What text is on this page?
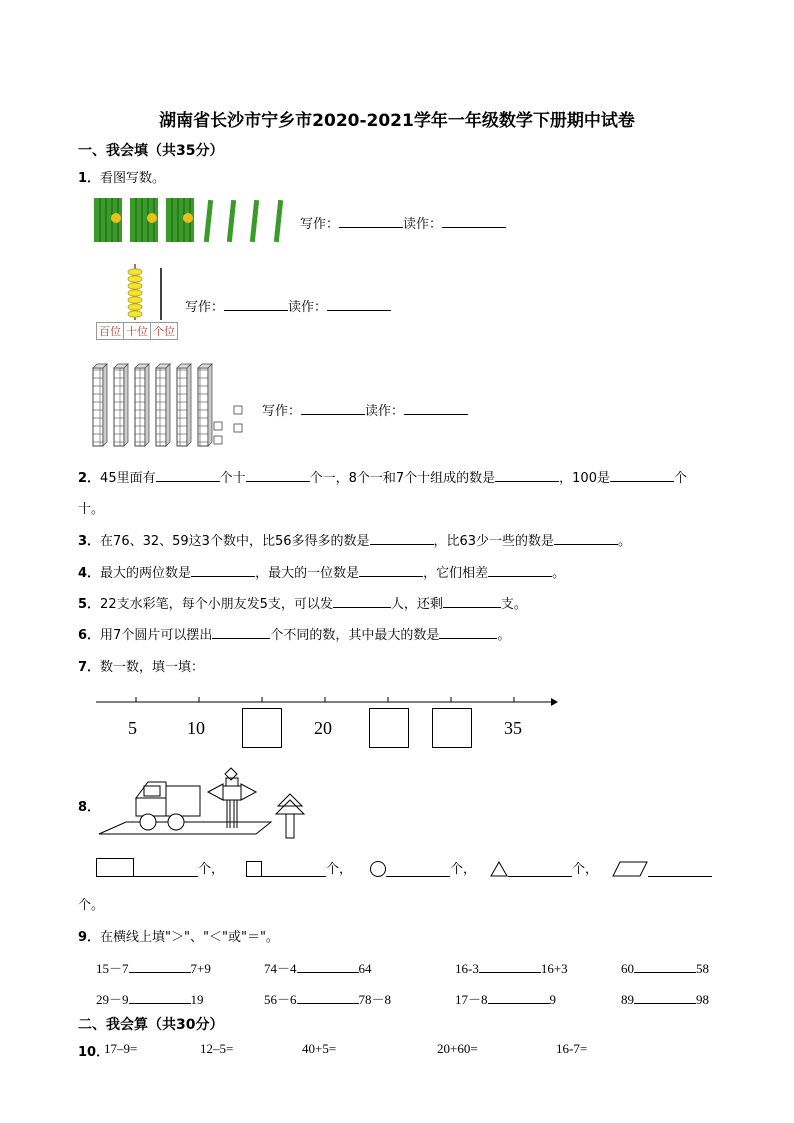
湖南省长沙市宁乡市2020-2021学年一年级数学下册期中试卷
一、我会填（共35分）
1．看图写数。
写作：	读作：
百位 十位 个位
写作：	读作：
写作：	读作：
2．45里面有	个十	个一，8个一和7个十组成的数是	，100是	个
十。
3．在76、32、59这3个数中，比56多得多的数是	，比63少一些的数是	。
4．最大的两位数是	，最大的一位数是	，它们相差	。
5．22支水彩笔，每个小朋友发5支，可以发	人，还剩	支。
6．用7个圆片可以摆出	个不同的数，其中最大的数是	。
7．数一数，填一填：
5	10	20	35
8．
个，	个，	个，	个，
个。
9．在横线上填"＞"、"＜"或"＝"。
15－7	7+9	74－4	64	16-3	16+3	60	58
29－9	19	56－6	78－8	17－8	9	89	98
二、我会算（共30分）
10．
17–9=	12–5=	40+5=	20+60=	16-7=
